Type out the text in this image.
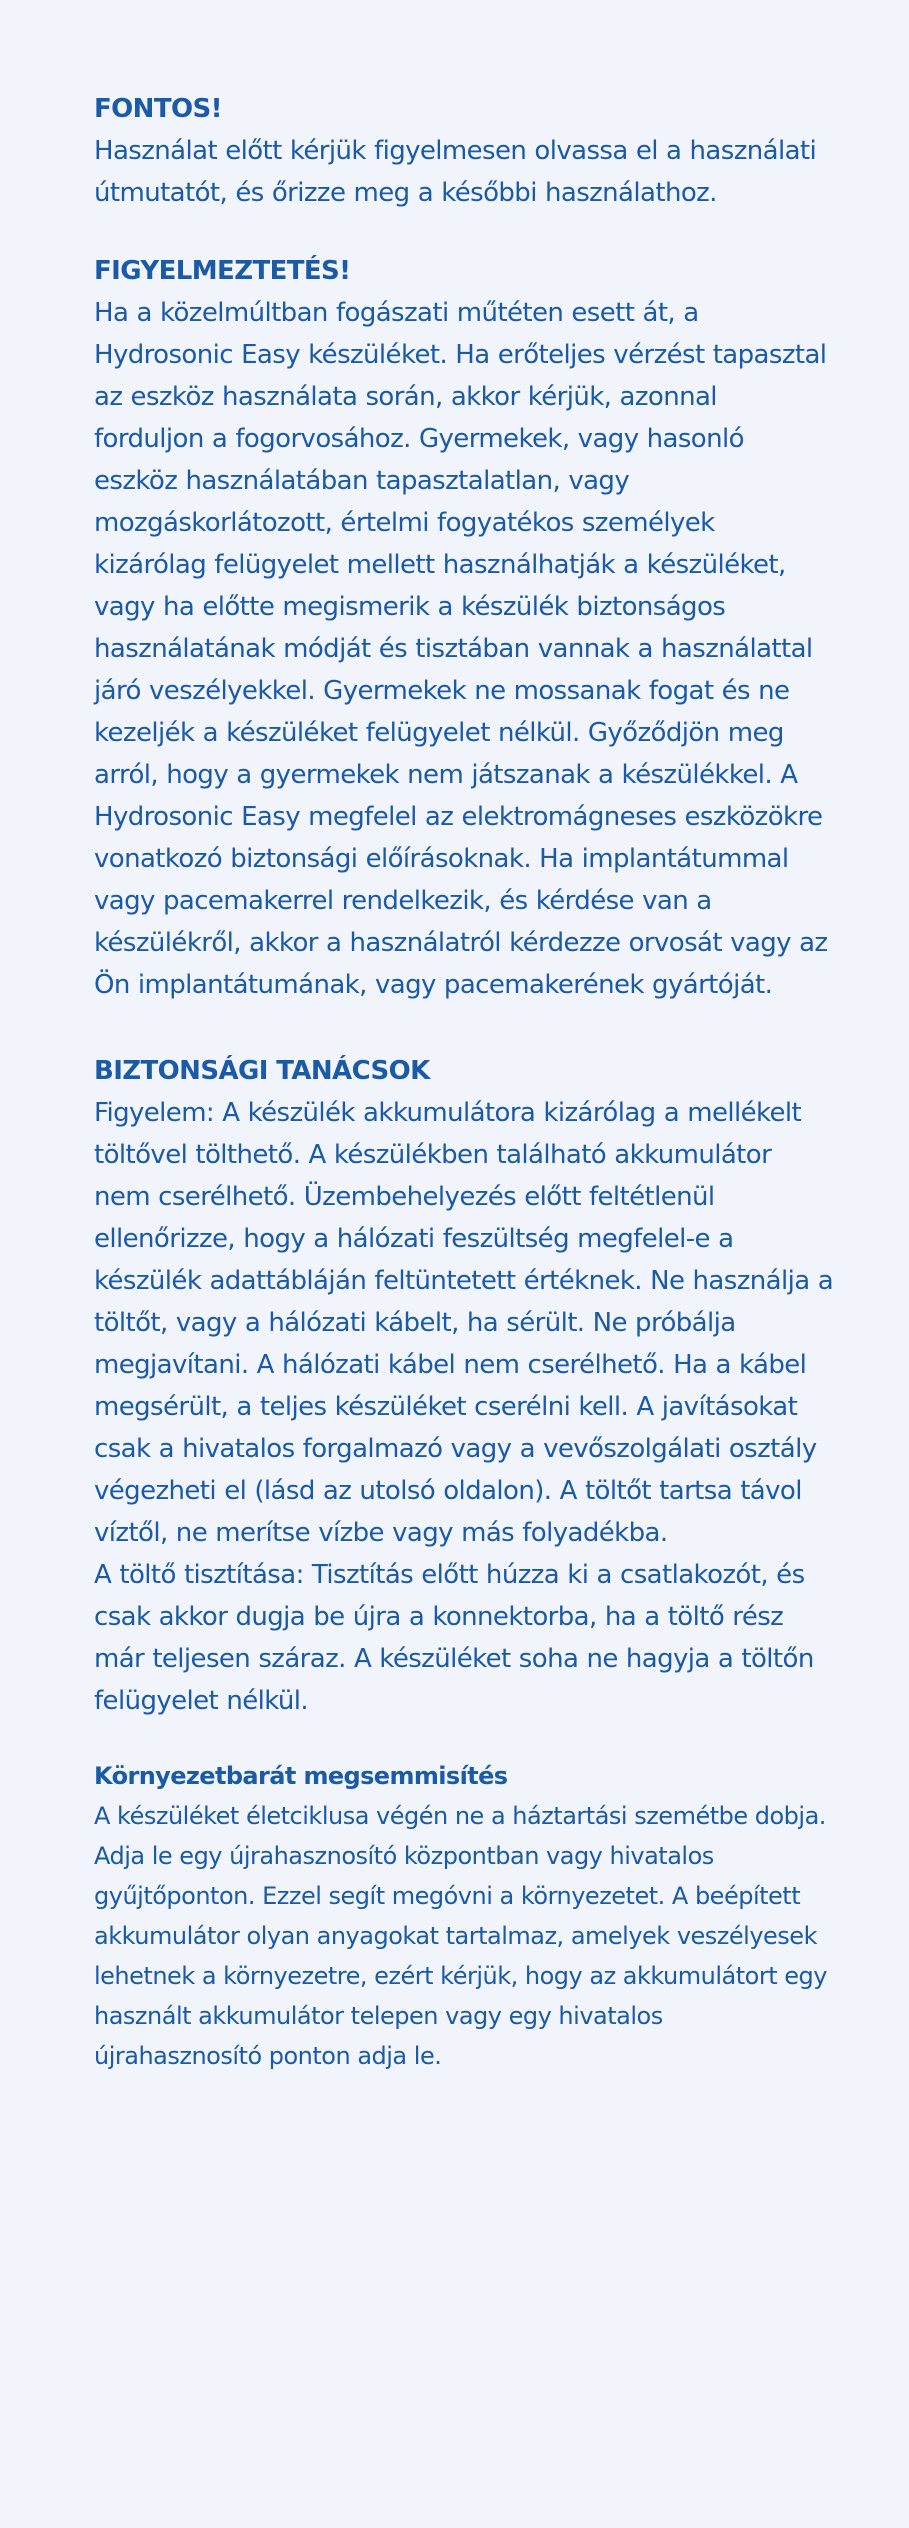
FONTOS!

Használat előtt kérjük figyelmesen olvassa el a használati útmutatót, és őrizze meg a későbbi használathoz.

FIGYELMEZTETÉS!

Ha a közelmúltban fogászati műtéten esett át, a Hydrosonic Easy készüléket. Ha erőteljes vérzést tapasztal az eszköz használata során, akkor kérjük, azonnal forduljon a fogorvosához. Gyermekek, vagy hasonló eszköz használatában tapasztalatlan, vagy mozgáskorlátozott, értelmi fogyatékos személyek kizárólag felügyelet mellett használhatják a készüléket, vagy ha előtte megismerik a készülék biztonságos használatának módját és tisztában vannak a használattal járó veszélyekkel. Gyermekek ne mossanak fogat és ne kezeljék a készüléket felügyelet nélkül. Győződjön meg arról, hogy a gyermekek nem játszanak a készülékkel. A Hydrosonic Easy megfelel az elektromágneses eszközökre vonatkozó biztonsági előírásoknak. Ha implantátummal vagy pacemakerrel rendelkezik, és kérdése van a készülékről, akkor a használatról kérdezze orvosát vagy az Ön implantátumának, vagy pacemakerének gyártóját.

BIZTONSÁGI TANÁCSOK

Figyelem: A készülék akkumulátora kizárólag a mellékelt töltővel tölthető. A készülékben található akkumulátor nem cserélhető. Üzembehelyezés előtt feltétlenül ellenőrizze, hogy a hálózati feszültség megfelel-e a készülék adattábláján feltüntetett értéknek. Ne használja a töltőt, vagy a hálózati kábelt, ha sérült. Ne próbálja megjavítani. A hálózati kábel nem cserélhető. Ha a kábel megsérült, a teljes készüléket cserélni kell. A javításokat csak a hivatalos forgalmazó vagy a vevőszolgálati osztály végezheti el (lásd az utolsó oldalon). A töltőt tartsa távol víztől, ne merítse vízbe vagy más folyadékba.

A töltő tisztítása: Tisztítás előtt húzza ki a csatlakozót, és csak akkor dugja be újra a konnektorba, ha a töltő rész már teljesen száraz. A készüléket soha ne hagyja a töltőn felügyelet nélkül.

Környezetbarát megsemmisítés

A készüléket életciklusa végén ne a háztartási szemétbe dobja. Adja le egy újrahasznosító központban vagy hivatalos gyűjtőponton. Ezzel segít megóvni a környezetet. A beépített akkumulátor olyan anyagokat tartalmaz, amelyek veszélyesek lehetnek a környezetre, ezért kérjük, hogy az akkumulátort egy használt akkumulátor telepen vagy egy hivatalos újrahasznosító ponton adja le.
